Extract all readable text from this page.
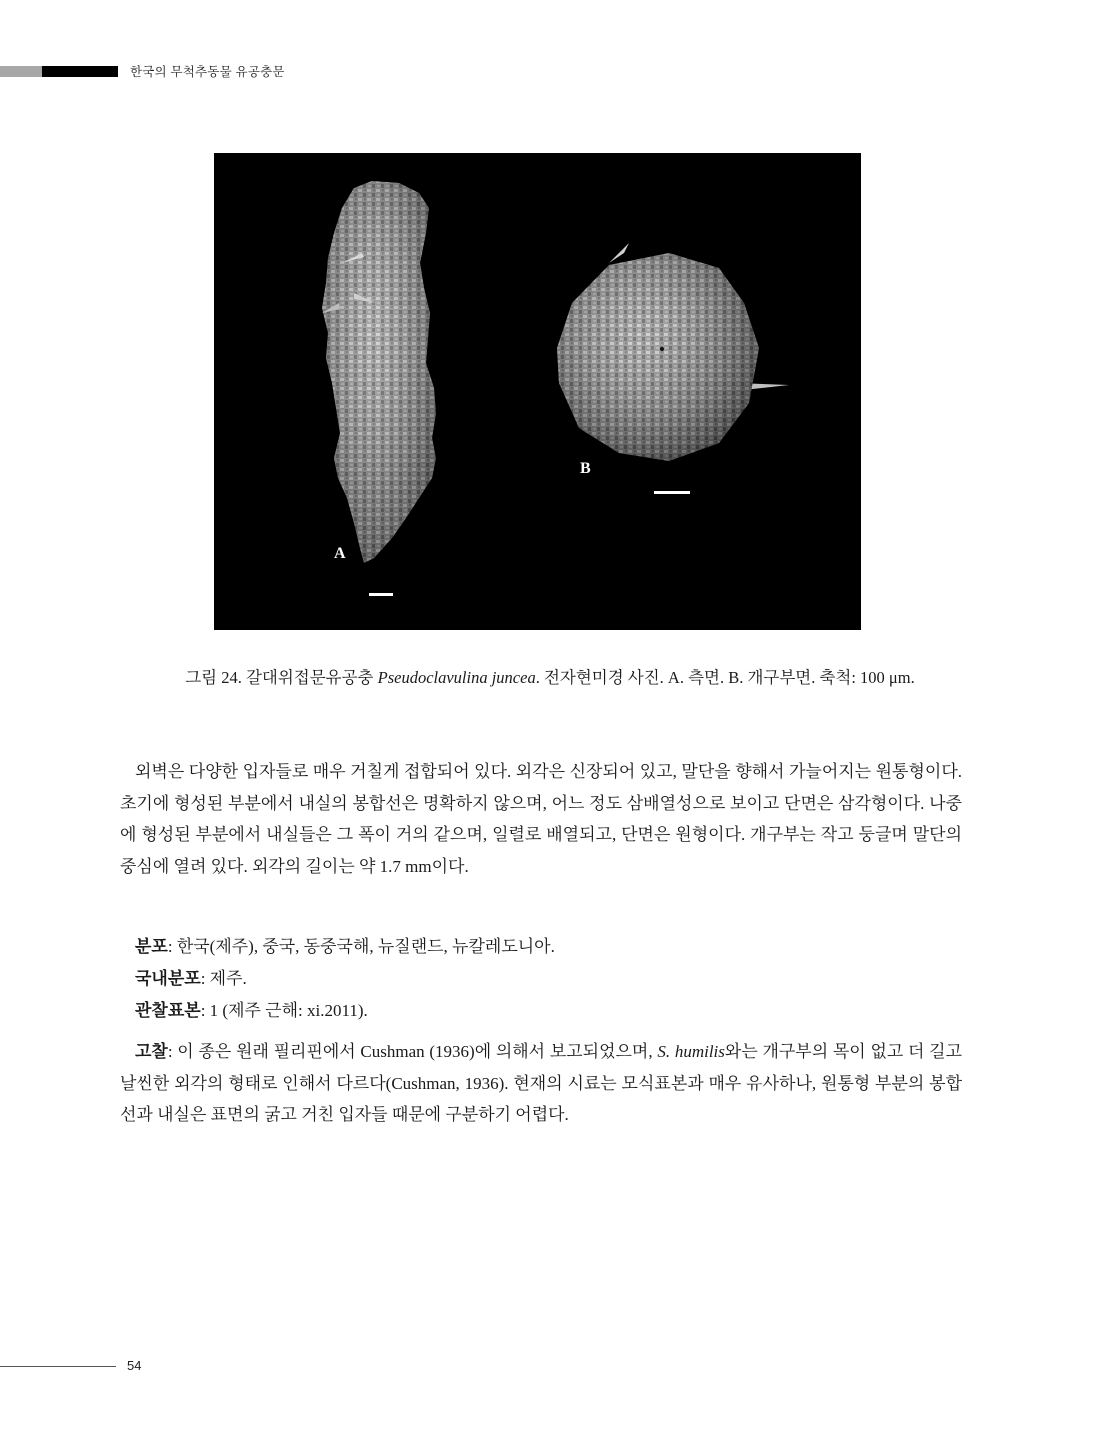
한국의 무척추동물 유공충문
A
B
그림 24. 갈대위접문유공충 Pseudoclavulina juncea. 전자현미경 사진. A. 측면. B. 개구부면. 축척: 100 μm.
외벽은 다양한 입자들로 매우 거칠게 접합되어 있다. 외각은 신장되어 있고, 말단을 향해서 가늘어지는 원통형이다. 초기에 형성된 부분에서 내실의 봉합선은 명확하지 않으며, 어느 정도 삼배열성으로 보이고 단면은 삼각형이다. 나중에 형성된 부분에서 내실들은 그 폭이 거의 같으며, 일렬로 배열되고, 단면은 원형이다. 개구부는 작고 둥글며 말단의 중심에 열려 있다. 외각의 길이는 약 1.7 mm이다.
분포: 한국(제주), 중국, 동중국해, 뉴질랜드, 뉴칼레도니아.
국내분포: 제주.
관찰표본: 1 (제주 근해: xi.2011).
고찰: 이 종은 원래 필리핀에서 Cushman (1936)에 의해서 보고되었으며, S. humilis와는 개구부의 목이 없고 더 길고 날씬한 외각의 형태로 인해서 다르다(Cushman, 1936). 현재의 시료는 모식표본과 매우 유사하나, 원통형 부분의 봉합선과 내실은 표면의 굵고 거친 입자들 때문에 구분하기 어렵다.
54
